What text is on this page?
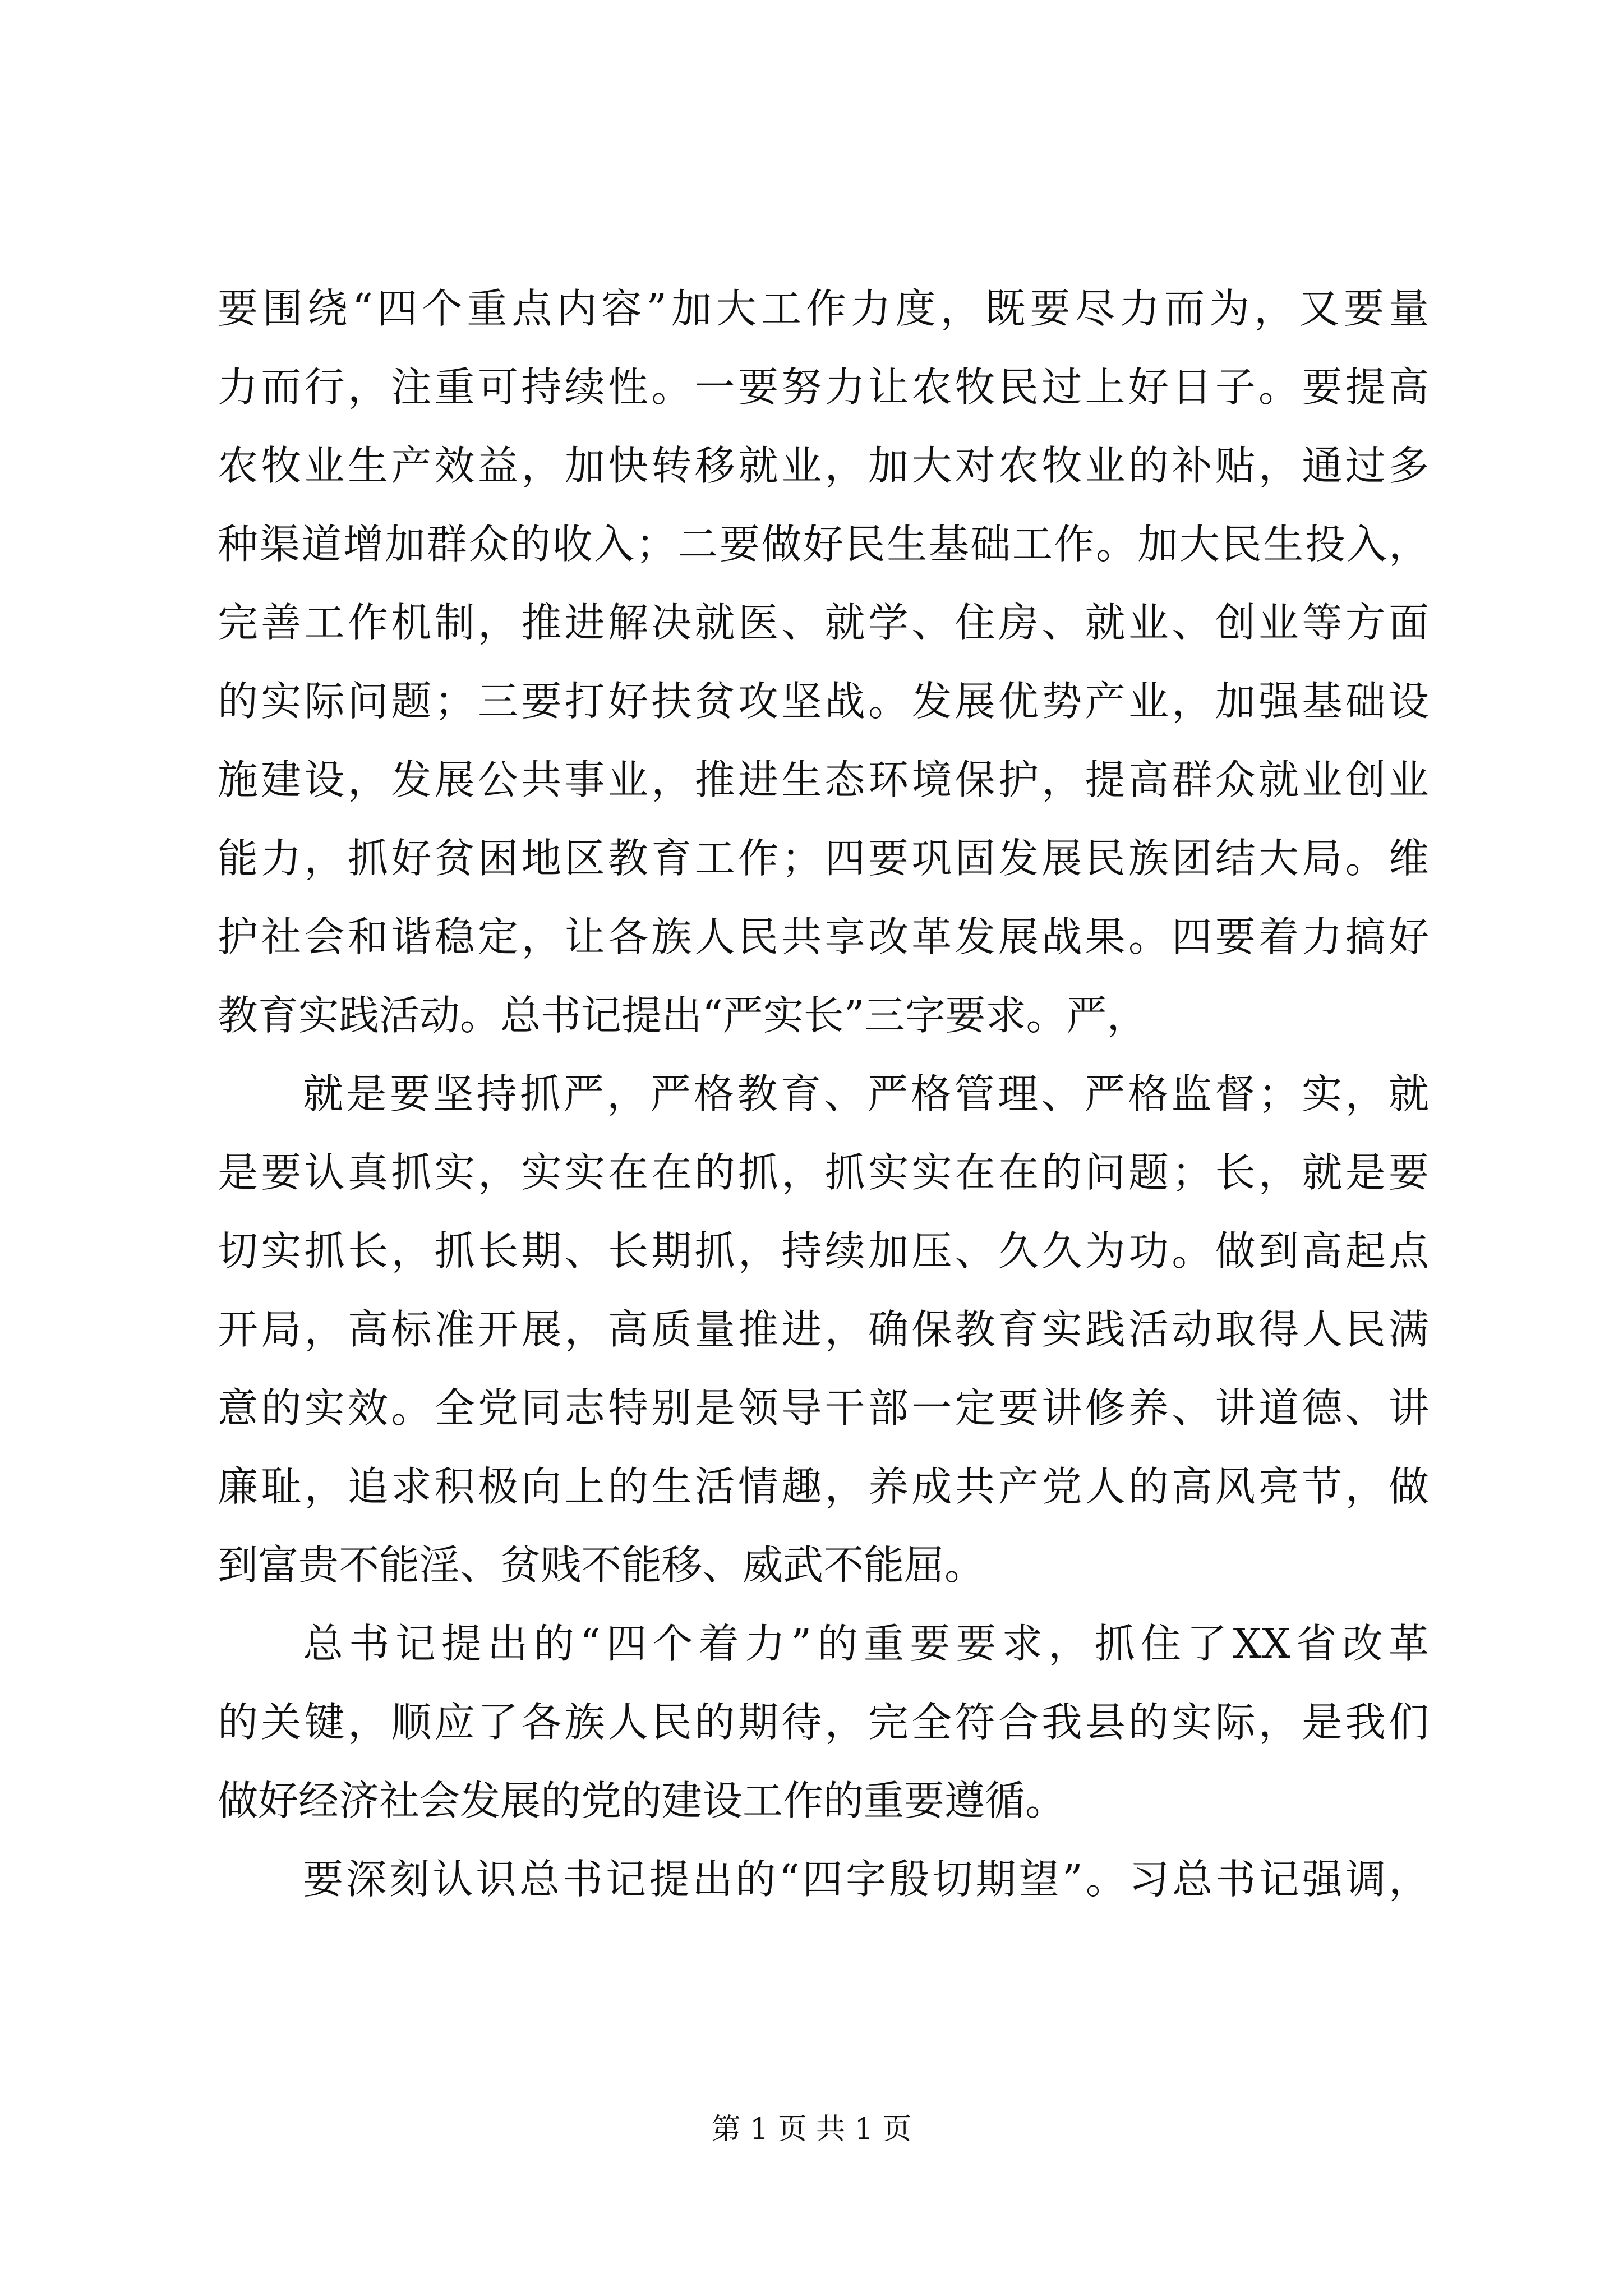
要围绕“四个重点内容”加大工作力度，既要尽力而为，又要量
力而行，注重可持续性。一要努力让农牧民过上好日子。要提高
农牧业生产效益，加快转移就业，加大对农牧业的补贴，通过多
种渠道增加群众的收入；二要做好民生基础工作。加大民生投入，
完善工作机制，推进解决就医、就学、住房、就业、创业等方面
的实际问题；三要打好扶贫攻坚战。发展优势产业，加强基础设
施建设，发展公共事业，推进生态环境保护，提高群众就业创业
能力，抓好贫困地区教育工作；四要巩固发展民族团结大局。维
护社会和谐稳定，让各族人民共享改革发展战果。四要着力搞好
教育实践活动。总书记提出“严实长”三字要求。严，
就是要坚持抓严，严格教育、严格管理、严格监督；实，就
是要认真抓实，实实在在的抓，抓实实在在的问题；长，就是要
切实抓长，抓长期、长期抓，持续加压、久久为功。做到高起点
开局，高标准开展，高质量推进，确保教育实践活动取得人民满
意的实效。全党同志特别是领导干部一定要讲修养、讲道德、讲
廉耻，追求积极向上的生活情趣，养成共产党人的高风亮节，做
到富贵不能淫、贫贱不能移、威武不能屈。
总书记提出的“四个着力”的重要要求，抓住了XX省改革
的关键，顺应了各族人民的期待，完全符合我县的实际，是我们
做好经济社会发展的党的建设工作的重要遵循。
要深刻认识总书记提出的“四字殷切期望”。习总书记强调，
第 1 页 共 1 页
